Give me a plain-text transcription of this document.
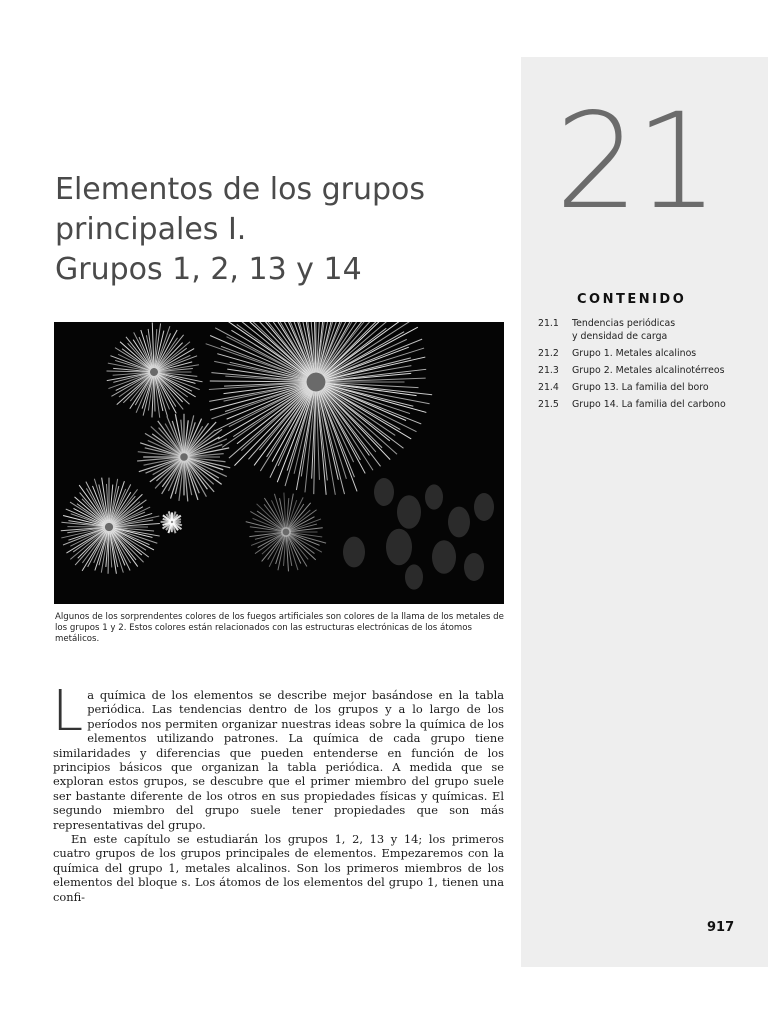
21
CONTENIDO
21.1	Tendencias periódicas
y densidad de carga
21.2	Grupo 1. Metales alcalinos
21.3	Grupo 2. Metales alcalinotérreos
21.4	Grupo 13. La familia del boro
21.5	Grupo 14. La familia del carbono
Elementos de los grupos
principales I.
Grupos 1, 2, 13 y 14
Algunos de los sorprendentes colores de los fuegos artificiales son colores de la llama de los metales de los grupos 1 y 2. Estos colores están relacionados con las estructuras electrónicas de los átomos metálicos.

La química de los elementos se describe mejor basándose en la tabla periódica. Las tendencias dentro de los grupos y a lo largo de los períodos nos permiten organizar nuestras ideas sobre la química de los elementos utilizando patrones. La química de cada grupo tiene similaridades y diferencias que pueden entenderse en función de los principios básicos que organizan la tabla periódica. A medida que se exploran estos grupos, se descubre que el primer miembro del grupo suele ser bastante diferente de los otros en sus propiedades físicas y químicas. El segundo miembro del grupo suele tener propiedades que son más representativas del grupo.

En este capítulo se estudiarán los grupos 1, 2, 13 y 14; los primeros cuatro grupos de los grupos principales de elementos. Empezaremos con la química del grupo 1, metales alcalinos. Son los primeros miembros de los elementos del bloque s. Los átomos de los elementos del grupo 1, tienen una confi-

917
